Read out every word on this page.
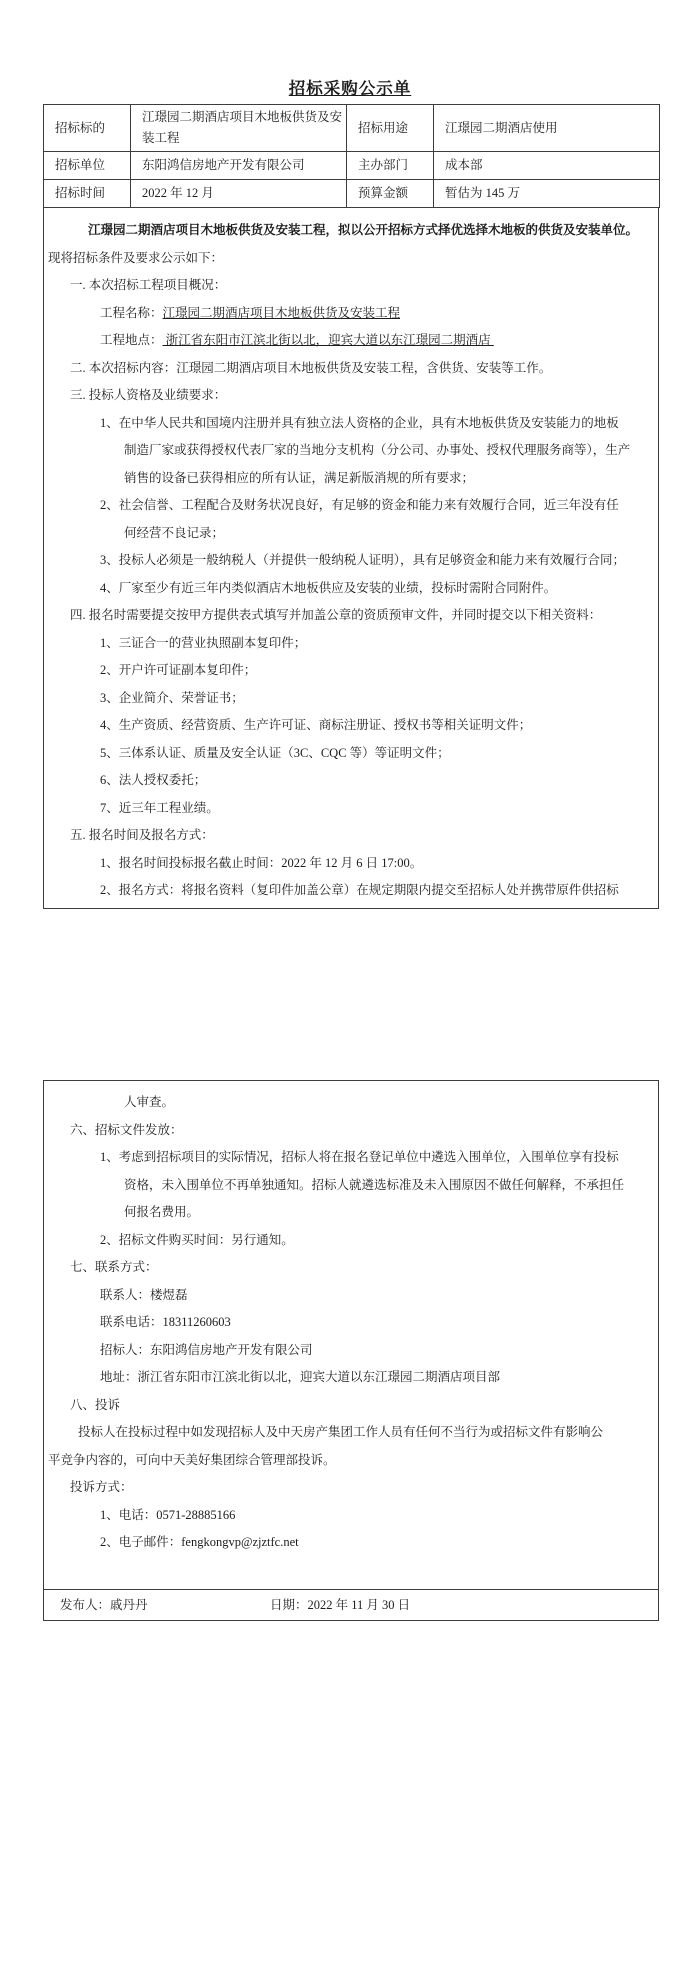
招标采购公示单
招标标的	江璟园二期酒店项目木地板供货及安装工程	招标用途	江璟园二期酒店使用
招标单位	东阳鸿信房地产开发有限公司	主办部门	成本部
招标时间	2022 年 12 月	预算金额	暂估为 145 万
江璟园二期酒店项目木地板供货及安装工程，拟以公开招标方式择优选择木地板的供货及安装单位。
现将招标条件及要求公示如下：
一. 本次招标工程项目概况：
工程名称：江璟园二期酒店项目木地板供货及安装工程
工程地点： 浙江省东阳市江滨北街以北，迎宾大道以东江璟园二期酒店
二. 本次招标内容：江璟园二期酒店项目木地板供货及安装工程，含供货、安装等工作。
三. 投标人资格及业绩要求：
1、在中华人民共和国境内注册并具有独立法人资格的企业，具有木地板供货及安装能力的地板
制造厂家或获得授权代表厂家的当地分支机构（分公司、办事处、授权代理服务商等），生产
销售的设备已获得相应的所有认证，满足新版消规的所有要求；
2、社会信誉、工程配合及财务状况良好，有足够的资金和能力来有效履行合同，近三年没有任
何经营不良记录；
3、投标人必须是一般纳税人（并提供一般纳税人证明），具有足够资金和能力来有效履行合同；
4、厂家至少有近三年内类似酒店木地板供应及安装的业绩，投标时需附合同附件。
四. 报名时需要提交按甲方提供表式填写并加盖公章的资质预审文件，并同时提交以下相关资料：
1、三证合一的营业执照副本复印件；
2、开户许可证副本复印件；
3、企业简介、荣誉证书；
4、生产资质、经营资质、生产许可证、商标注册证、授权书等相关证明文件；
5、三体系认证、质量及安全认证（3C、CQC 等）等证明文件；
6、法人授权委托；
7、近三年工程业绩。
五. 报名时间及报名方式：
1、报名时间投标报名截止时间：2022 年 12 月 6 日 17:00。
2、报名方式：将报名资料（复印件加盖公章）在规定期限内提交至招标人处并携带原件供招标
人审查。
六、招标文件发放：
1、考虑到招标项目的实际情况，招标人将在报名登记单位中遴选入围单位，入围单位享有投标
资格，未入围单位不再单独通知。招标人就遴选标准及未入围原因不做任何解释，不承担任
何报名费用。
2、招标文件购买时间：另行通知。
七、联系方式：
联系人：楼煜磊
联系电话：18311260603
招标人：东阳鸿信房地产开发有限公司
地址：浙江省东阳市江滨北街以北，迎宾大道以东江璟园二期酒店项目部
八、投诉
投标人在投标过程中如发现招标人及中天房产集团工作人员有任何不当行为或招标文件有影响公
平竞争内容的，可向中天美好集团综合管理部投诉。
投诉方式：
1、电话：0571-28885166
2、电子邮件：fengkongvp@zjztfc.net
发布人：戚丹丹	日期：2022 年 11 月 30 日
